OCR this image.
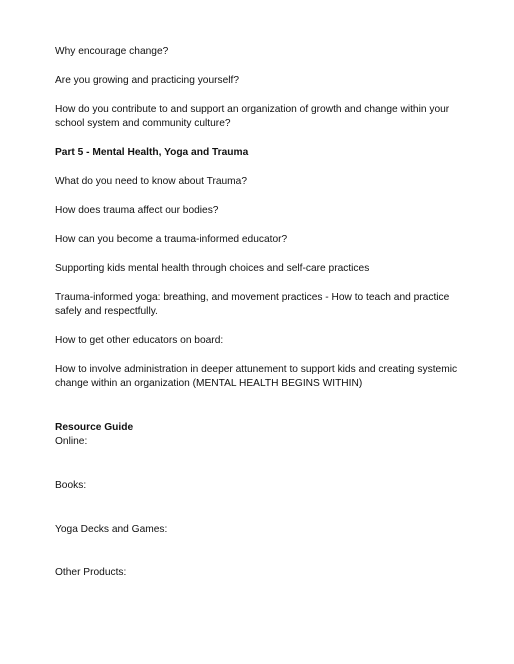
Why encourage change?

Are you growing and practicing yourself?

How do you contribute to and support an organization of growth and change within your school system and community culture?

Part 5 - Mental Health, Yoga and Trauma

What do you need to know about Trauma?

How does trauma affect our bodies?

How can you become a trauma-informed educator?

Supporting kids mental health through choices and self-care practices

Trauma-informed yoga: breathing, and movement practices - How to teach and practice safely and respectfully.

How to get other educators on board:

How to involve administration in deeper attunement to support kids and creating systemic change within an organization (MENTAL HEALTH BEGINS WITHIN)

Resource Guide

Online:

Books:

Yoga Decks and Games:

Other Products:
